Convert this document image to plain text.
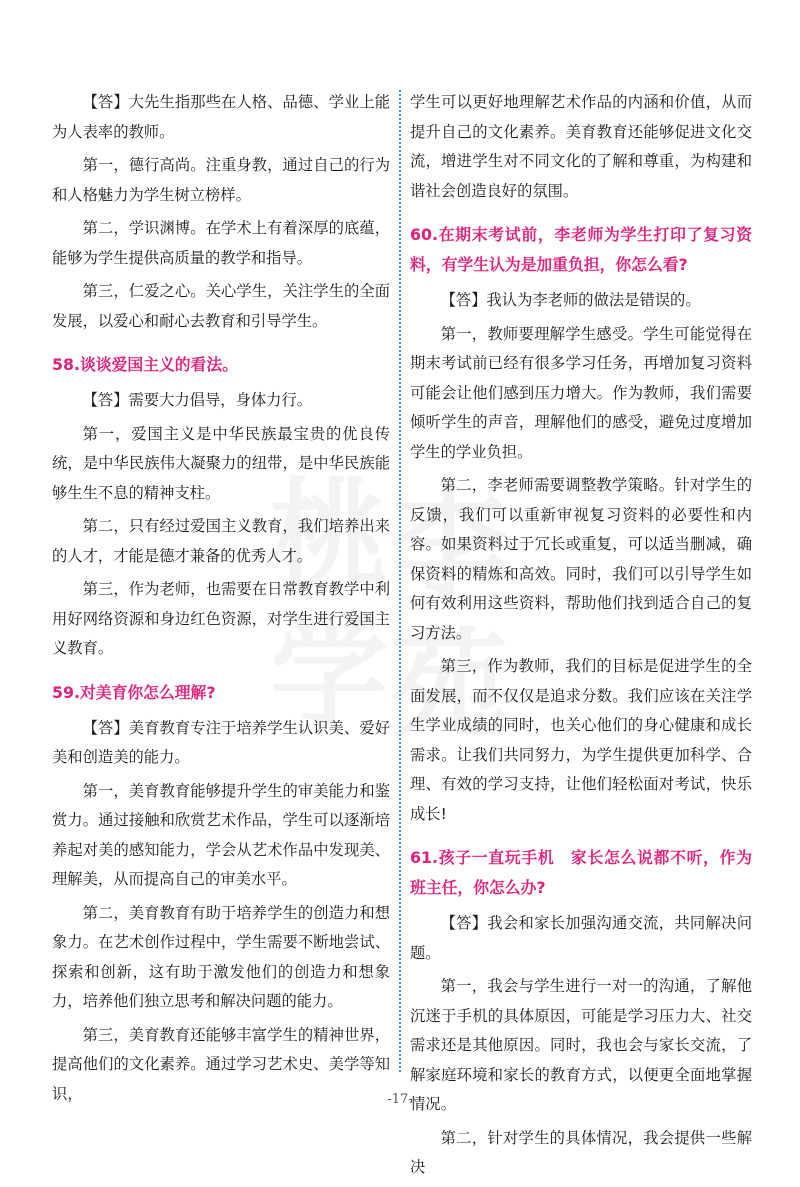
【答】大先生指那些在人格、品德、学业上能为人表率的教师。

第一，德行高尚。注重身教，通过自己的行为和人格魅力为学生树立榜样。

第二，学识渊博。在学术上有着深厚的底蕴，能够为学生提供高质量的教学和指导。

第三，仁爱之心。关心学生，关注学生的全面发展，以爱心和耐心去教育和引导学生。

58.谈谈爱国主义的看法。

【答】需要大力倡导，身体力行。

第一，爱国主义是中华民族最宝贵的优良传统，是中华民族伟大凝聚力的纽带，是中华民族能够生生不息的精神支柱。

第二，只有经过爱国主义教育，我们培养出来的人才，才能是德才兼备的优秀人才。

第三，作为老师，也需要在日常教育教学中利用好网络资源和身边红色资源，对学生进行爱国主义教育。

59.对美育你怎么理解?

【答】美育教育专注于培养学生认识美、爱好美和创造美的能力。

第一，美育教育能够提升学生的审美能力和鉴赏力。通过接触和欣赏艺术作品，学生可以逐渐培养起对美的感知能力，学会从艺术作品中发现美、理解美，从而提高自己的审美水平。

第二，美育教育有助于培养学生的创造力和想象力。在艺术创作过程中，学生需要不断地尝试、探索和创新，这有助于激发他们的创造力和想象力，培养他们独立思考和解决问题的能力。

第三，美育教育还能够丰富学生的精神世界，提高他们的文化素养。通过学习艺术史、美学等知识，

学生可以更好地理解艺术作品的内涵和价值，从而提升自己的文化素养。美育教育还能够促进文化交流，增进学生对不同文化的了解和尊重，为构建和谐社会创造良好的氛围。

60.在期末考试前，李老师为学生打印了复习资料，有学生认为是加重负担，你怎么看?

【答】我认为李老师的做法是错误的。

第一，教师要理解学生感受。学生可能觉得在期末考试前已经有很多学习任务，再增加复习资料可能会让他们感到压力增大。作为教师，我们需要倾听学生的声音，理解他们的感受，避免过度增加学生的学业负担。

第二，李老师需要调整教学策略。针对学生的反馈，我们可以重新审视复习资料的必要性和内容。如果资料过于冗长或重复，可以适当删减，确保资料的精炼和高效。同时，我们可以引导学生如何有效利用这些资料，帮助他们找到适合自己的复习方法。

第三，作为教师，我们的目标是促进学生的全面发展，而不仅仅是追求分数。我们应该在关注学生学业成绩的同时，也关心他们的身心健康和成长需求。让我们共同努力，为学生提供更加科学、合理、有效的学习支持，让他们轻松面对考试，快乐成长!

61.孩子一直玩手机　家长怎么说都不听，作为班主任，你怎么办?

【答】我会和家长加强沟通交流，共同解决问题。

第一，我会与学生进行一对一的沟通，了解他沉迷于手机的具体原因，可能是学习压力大、社交需求还是其他原因。同时，我也会与家长交流，了解家庭环境和家长的教育方式，以便更全面地掌握情况。

第二，针对学生的具体情况，我会提供一些解决

-17-
